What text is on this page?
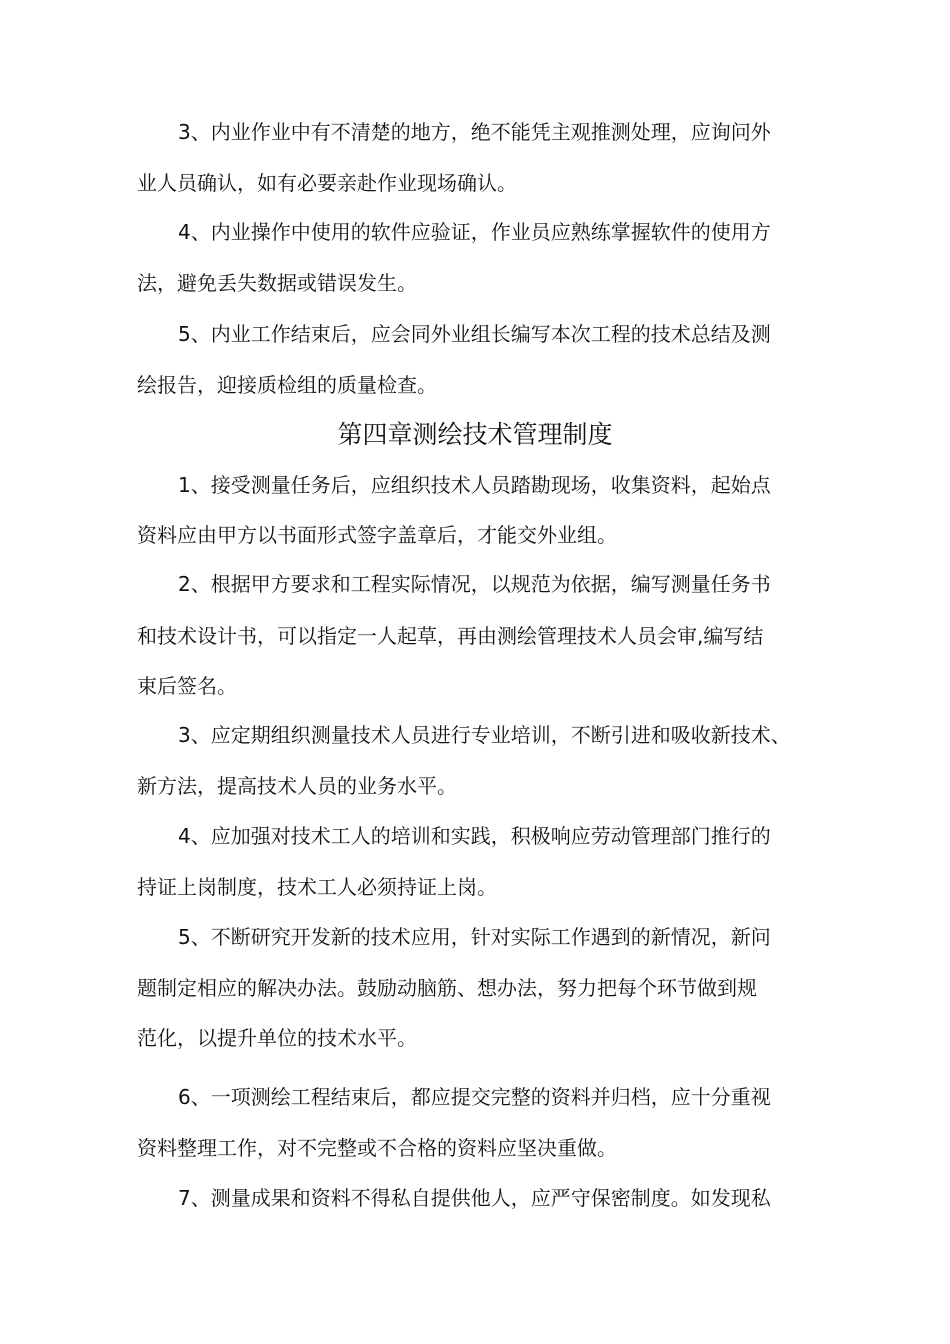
3、内业作业中有不清楚的地方，绝不能凭主观推测处理，应询问外
业人员确认，如有必要亲赴作业现场确认。
4、内业操作中使用的软件应验证，作业员应熟练掌握软件的使用方
法，避免丢失数据或错误发生。
5、内业工作结束后，应会同外业组长编写本次工程的技术总结及测
绘报告，迎接质检组的质量检查。
第四章测绘技术管理制度
1、接受测量任务后，应组织技术人员踏勘现场，收集资料，起始点
资料应由甲方以书面形式签字盖章后，才能交外业组。
2、根据甲方要求和工程实际情况，以规范为依据，编写测量任务书
和技术设计书，可以指定一人起草，再由测绘管理技术人员会审,编写结
束后签名。
3、应定期组织测量技术人员进行专业培训，不断引进和吸收新技术、
新方法，提高技术人员的业务水平。
4、应加强对技术工人的培训和实践，积极响应劳动管理部门推行的
持证上岗制度，技术工人必须持证上岗。
5、不断研究开发新的技术应用，针对实际工作遇到的新情况，新问
题制定相应的解决办法。鼓励动脑筋、想办法，努力把每个环节做到规
范化，以提升单位的技术水平。
6、一项测绘工程结束后，都应提交完整的资料并归档，应十分重视
资料整理工作，对不完整或不合格的资料应坚决重做。
7、测量成果和资料不得私自提供他人，应严守保密制度。如发现私
